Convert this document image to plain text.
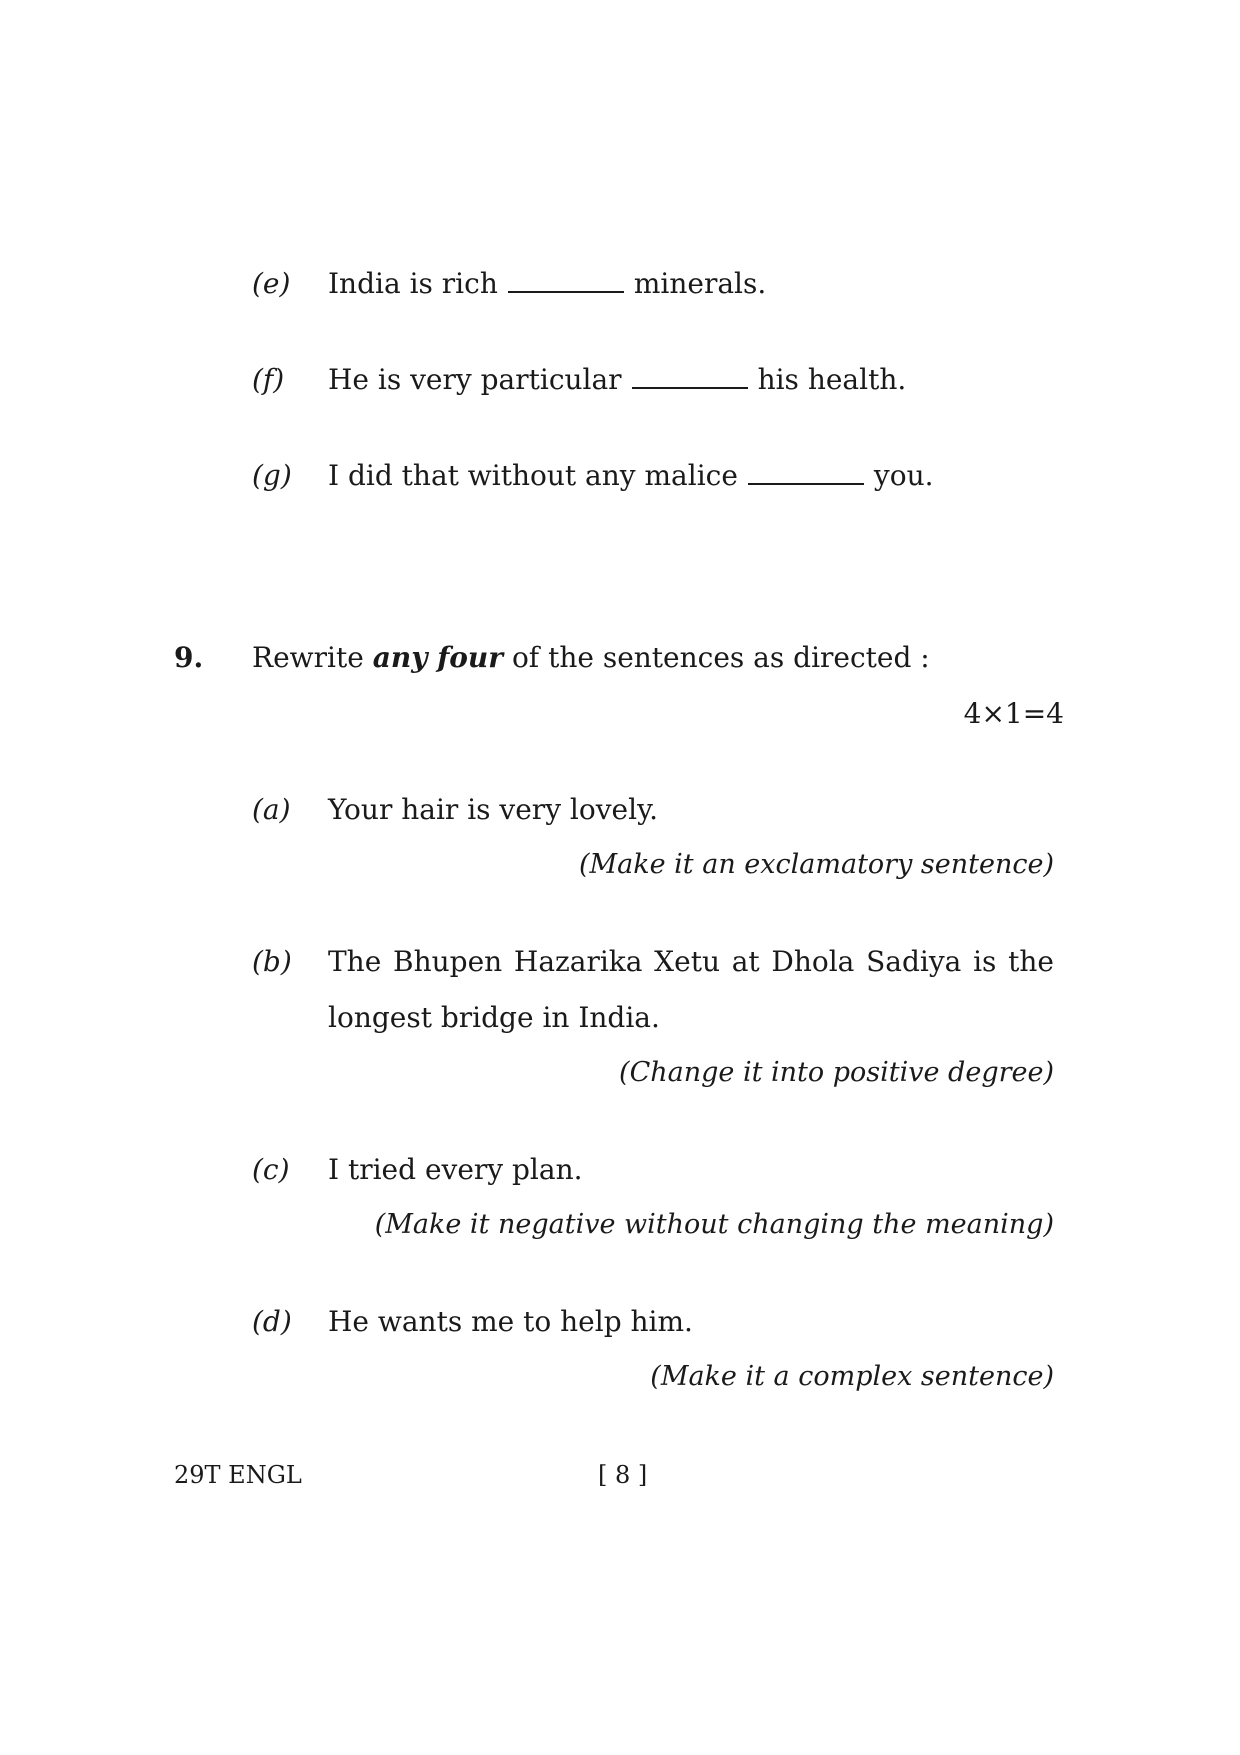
(e) India is rich	minerals.
(f) He is very particular	his health.
(g) I did that without any malice	you.
9. Rewrite any four of the sentences as directed :
4×1=4
(a) Your hair is very lovely.
(Make it an exclamatory sentence)
(b) The Bhupen Hazarika Xetu at Dhola Sadiya is the
longest bridge in India.
(Change it into positive degree)
(c) I tried every plan.
(Make it negative without changing the meaning)
(d) He wants me to help him.
(Make it a complex sentence)
29T ENGL	[ 8 ]
